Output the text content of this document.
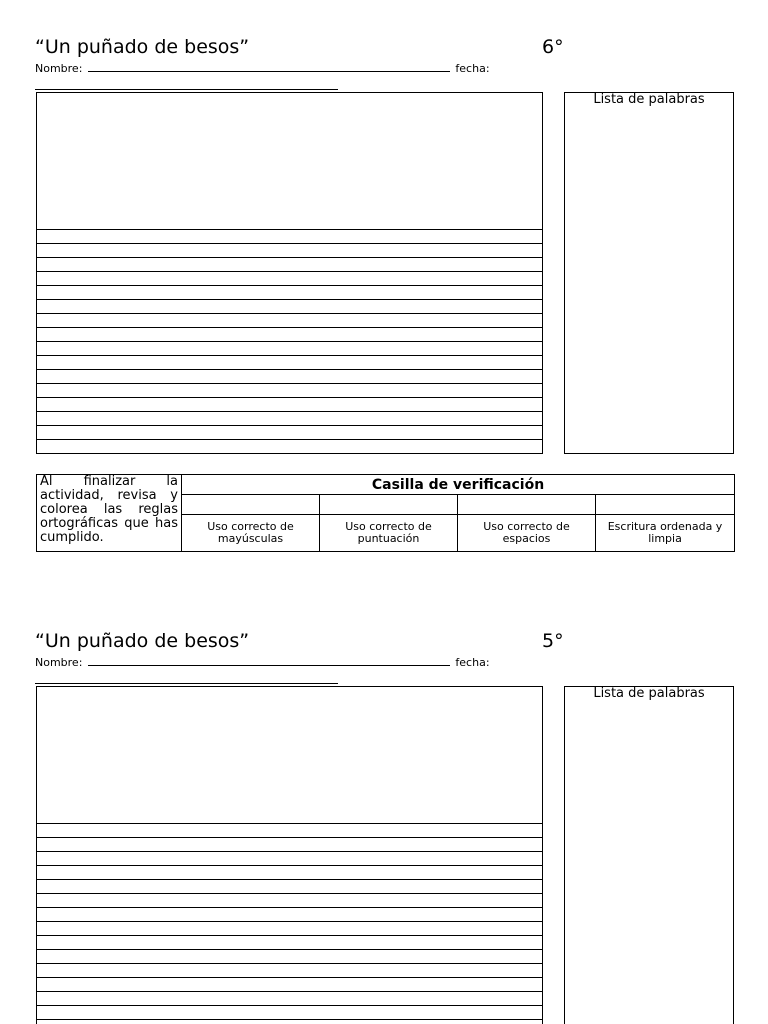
“Un puñado de besos”	6°
Nombre:	fecha:
Lista de palabras
Al finalizar la actividad, revisa y colorea las reglas ortográficas que has cumplido.	Casilla de verificación			

	Uso correcto de mayúsculas	Uso correcto de puntuación	Uso correcto de espacios	Escritura ordenada y limpia
“Un puñado de besos”	5°
Nombre:	fecha:
Lista de palabras
